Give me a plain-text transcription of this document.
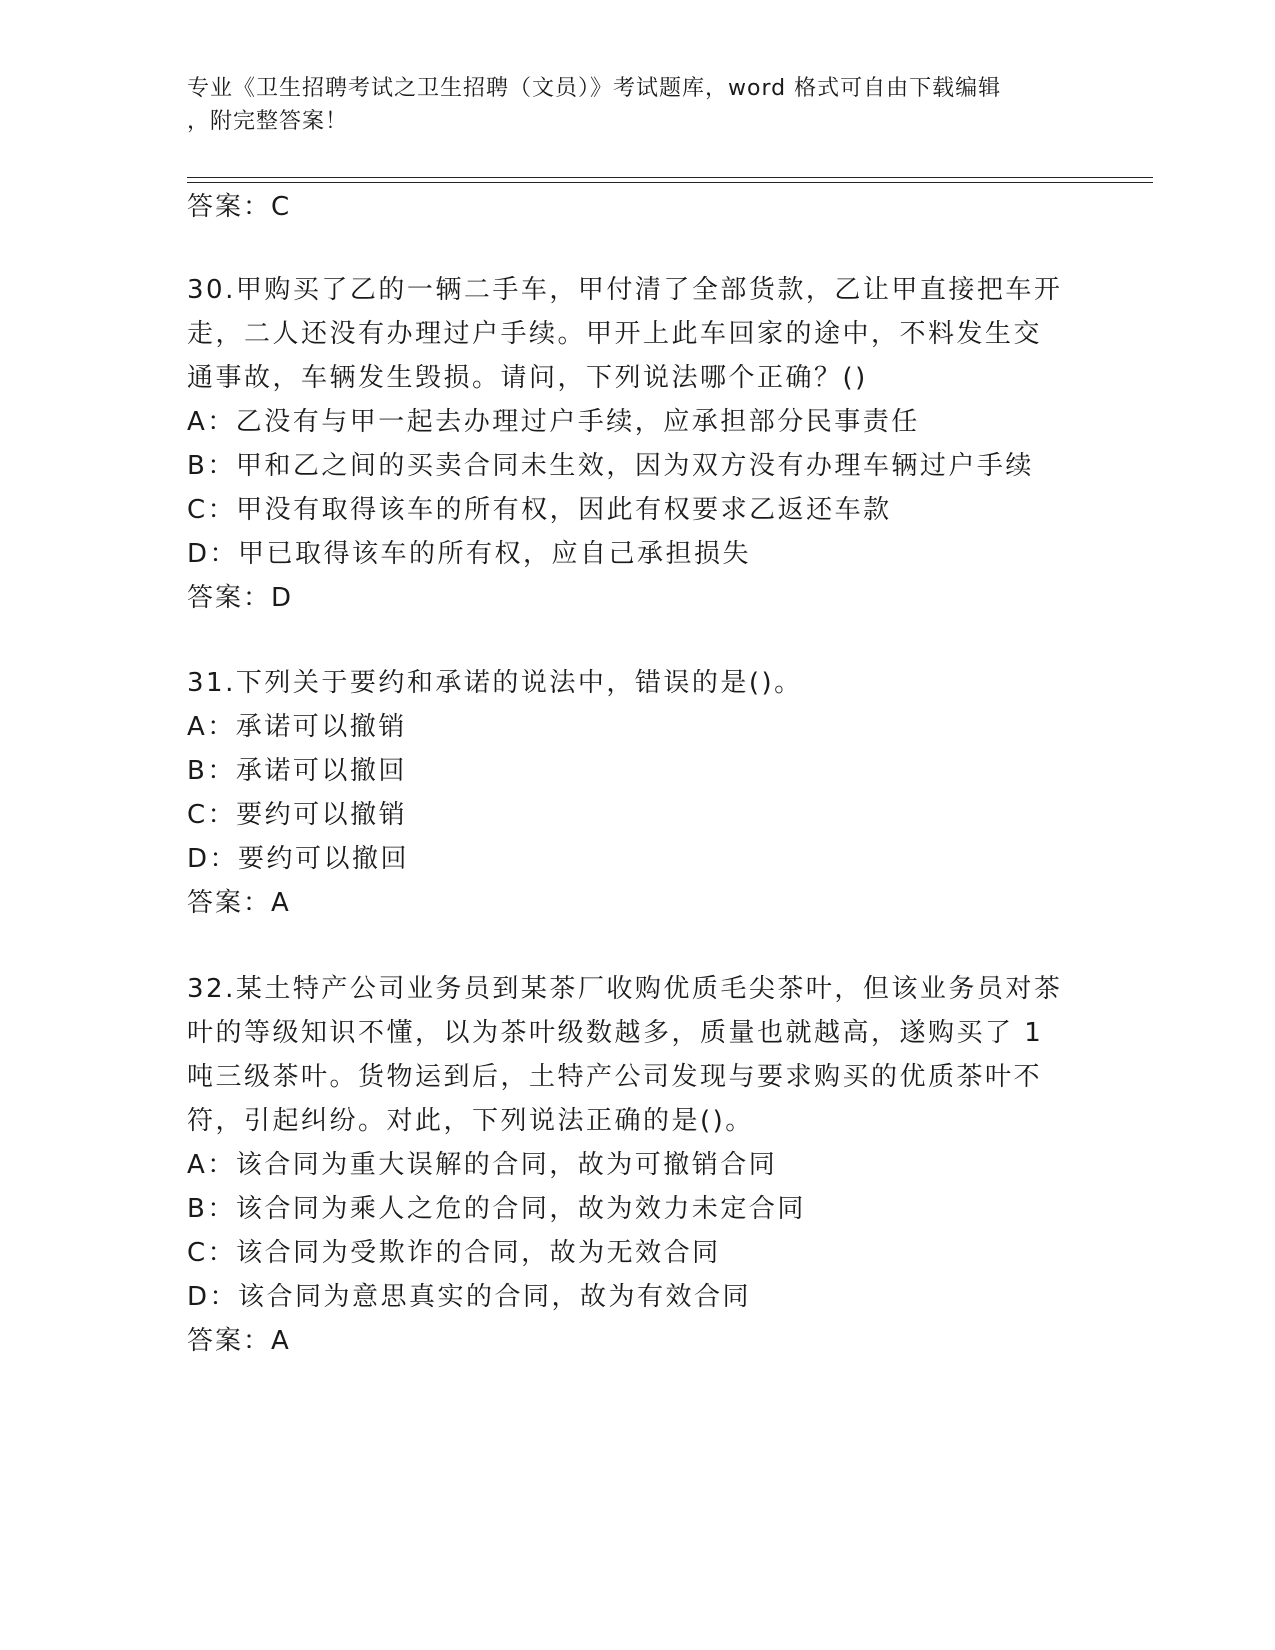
专业《卫生招聘考试之卫生招聘（文员）》考试题库，word 格式可自由下载编辑
，附完整答案！
答案：C
30.甲购买了乙的一辆二手车，甲付清了全部货款，乙让甲直接把车开
走，二人还没有办理过户手续。甲开上此车回家的途中，不料发生交
通事故，车辆发生毁损。请问，下列说法哪个正确？()
A：乙没有与甲一起去办理过户手续，应承担部分民事责任
B：甲和乙之间的买卖合同未生效，因为双方没有办理车辆过户手续
C：甲没有取得该车的所有权，因此有权要求乙返还车款
D：甲已取得该车的所有权，应自己承担损失
答案：D
31.下列关于要约和承诺的说法中，错误的是()。
A：承诺可以撤销
B：承诺可以撤回
C：要约可以撤销
D：要约可以撤回
答案：A
32.某土特产公司业务员到某茶厂收购优质毛尖茶叶，但该业务员对茶
叶的等级知识不懂，以为茶叶级数越多，质量也就越高，遂购买了 1
吨三级茶叶。货物运到后，土特产公司发现与要求购买的优质茶叶不
符，引起纠纷。对此，下列说法正确的是()。
A：该合同为重大误解的合同，故为可撤销合同
B：该合同为乘人之危的合同，故为效力未定合同
C：该合同为受欺诈的合同，故为无效合同
D：该合同为意思真实的合同，故为有效合同
答案：A
